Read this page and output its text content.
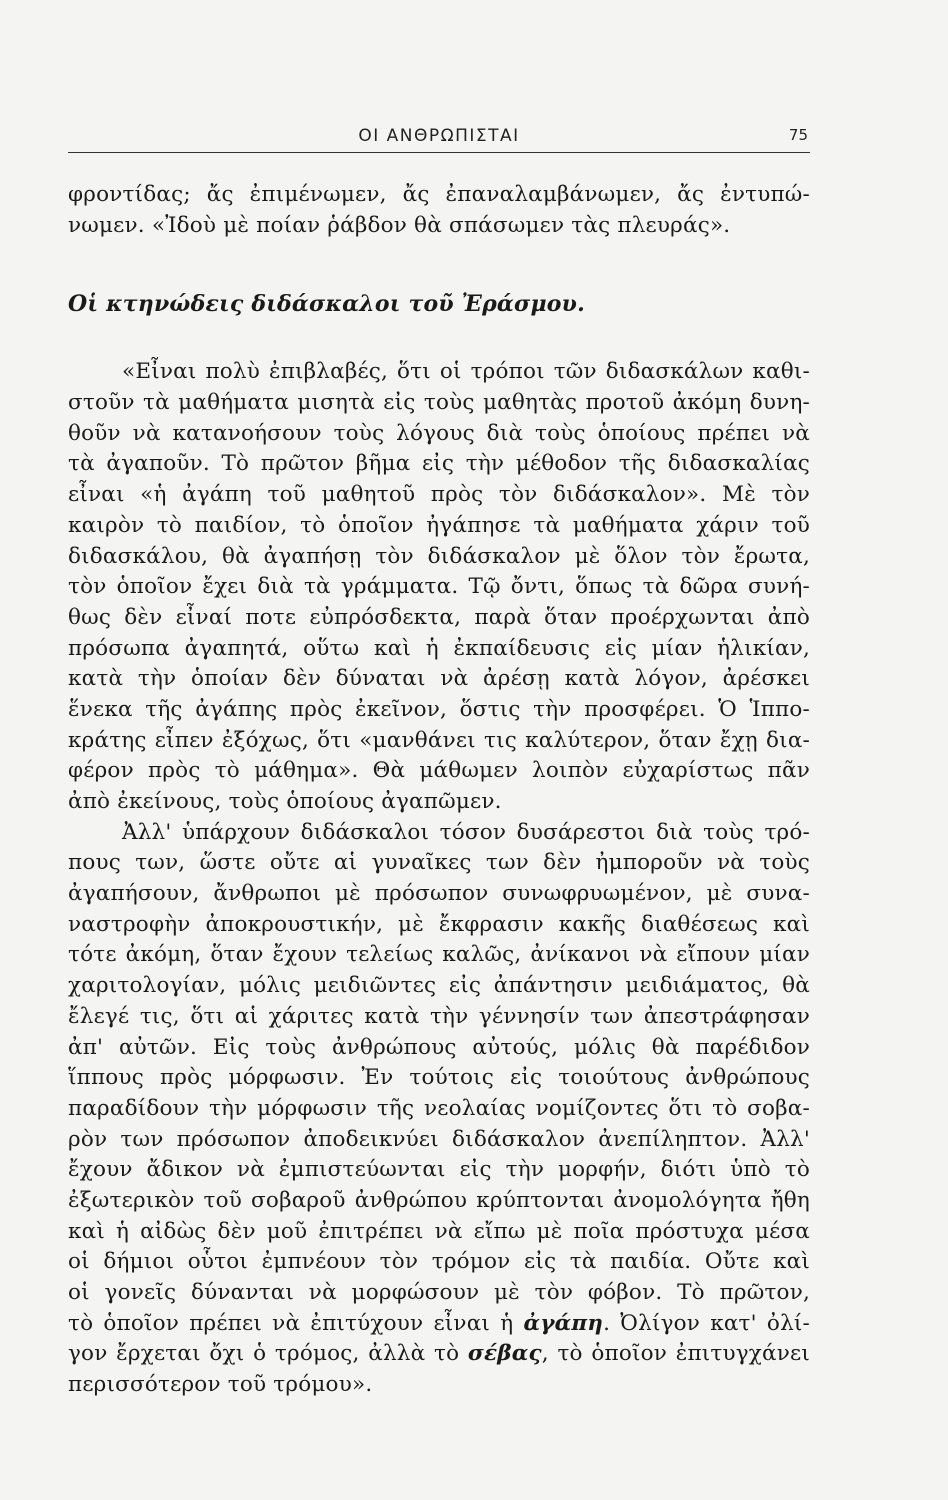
ΟΙ ΑΝΘΡΩΠΙΣΤΑΙ	75
φροντίδας; ἄς ἐπιμένωμεν, ἄς ἐπαναλαμβάνωμεν, ἄς ἐντυπώ-
νωμεν. «Ἰδοὺ μὲ ποίαν ῥάβδον θὰ σπάσωμεν τὰς πλευράς».
Οἱ κτηνώδεις διδάσκαλοι τοῦ Ἐράσμου.
«Εἶναι πολὺ ἐπιβλαβές, ὅτι οἱ τρόποι τῶν διδασκάλων καθι-
στοῦν τὰ μαθήματα μισητὰ εἰς τοὺς μαθητὰς προτοῦ ἀκόμη δυνη-
θοῦν νὰ κατανοήσουν τοὺς λόγους διὰ τοὺς ὁποίους πρέπει νὰ
τὰ ἀγαποῦν. Τὸ πρῶτον βῆμα εἰς τὴν μέθοδον τῆς διδασκαλίας
εἶναι «ἡ ἀγάπη τοῦ μαθητοῦ πρὸς τὸν διδάσκαλον». Μὲ τὸν
καιρὸν τὸ παιδίον, τὸ ὁποῖον ἠγάπησε τὰ μαθήματα χάριν τοῦ
διδασκάλου, θὰ ἀγαπήσῃ τὸν διδάσκαλον μὲ ὅλον τὸν ἔρωτα,
τὸν ὁποῖον ἔχει διὰ τὰ γράμματα. Τῷ ὄντι, ὅπως τὰ δῶρα συνή-
θως δὲν εἶναί ποτε εὐπρόσδεκτα, παρὰ ὅταν προέρχωνται ἀπὸ
πρόσωπα ἀγαπητά, οὕτω καὶ ἡ ἐκπαίδευσις εἰς μίαν ἡλικίαν,
κατὰ τὴν ὁποίαν δὲν δύναται νὰ ἀρέσῃ κατὰ λόγον, ἀρέσκει
ἕνεκα τῆς ἀγάπης πρὸς ἐκεῖνον, ὅστις τὴν προσφέρει. Ὁ Ἱππο-
κράτης εἶπεν ἐξόχως, ὅτι «μανθάνει τις καλύτερον, ὅταν ἔχῃ δια-
φέρον πρὸς τὸ μάθημα». Θὰ μάθωμεν λοιπὸν εὐχαρίστως πᾶν
ἀπὸ ἐκείνους, τοὺς ὁποίους ἀγαπῶμεν.
Ἀλλ' ὑπάρχουν διδάσκαλοι τόσον δυσάρεστοι διὰ τοὺς τρό-
πους των, ὥστε οὔτε αἱ γυναῖκες των δὲν ἠμποροῦν νὰ τοὺς
ἀγαπήσουν, ἄνθρωποι μὲ πρόσωπον συνωφρυωμένον, μὲ συνα-
ναστροφὴν ἀποκρουστικήν, μὲ ἔκφρασιν κακῆς διαθέσεως καὶ
τότε ἀκόμη, ὅταν ἔχουν τελείως καλῶς, ἀνίκανοι νὰ εἴπουν μίαν
χαριτολογίαν, μόλις μειδιῶντες εἰς ἀπάντησιν μειδιάματος, θὰ
ἔλεγέ τις, ὅτι αἱ χάριτες κατὰ τὴν γέννησίν των ἀπεστράφησαν
ἀπ' αὐτῶν. Εἰς τοὺς ἀνθρώπους αὐτούς, μόλις θὰ παρέδιδον
ἵππους πρὸς μόρφωσιν. Ἐν τούτοις εἰς τοιούτους ἀνθρώπους
παραδίδουν τὴν μόρφωσιν τῆς νεολαίας νομίζοντες ὅτι τὸ σοβα-
ρὸν των πρόσωπον ἀποδεικνύει διδάσκαλον ἀνεπίληπτον. Ἀλλ'
ἔχουν ἄδικον νὰ ἐμπιστεύωνται εἰς τὴν μορφήν, διότι ὑπὸ τὸ
ἐξωτερικὸν τοῦ σοβαροῦ ἀνθρώπου κρύπτονται ἀνομολόγητα ἤθη
καὶ ἡ αἰδὼς δὲν μοῦ ἐπιτρέπει νὰ εἴπω μὲ ποῖα πρόστυχα μέσα
οἱ δήμιοι οὗτοι ἐμπνέουν τὸν τρόμον εἰς τὰ παιδία. Οὔτε καὶ
οἱ γονεῖς δύνανται νὰ μορφώσουν μὲ τὸν φόβον. Τὸ πρῶτον,
τὸ ὁποῖον πρέπει νὰ ἐπιτύχουν εἶναι ἡ ἀγάπη. Ὀλίγον κατ' ὀλί-
γον ἔρχεται ὄχι ὁ τρόμος, ἀλλὰ τὸ σέβας, τὸ ὁποῖον ἐπιτυγχάνει
περισσότερον τοῦ τρόμου».
